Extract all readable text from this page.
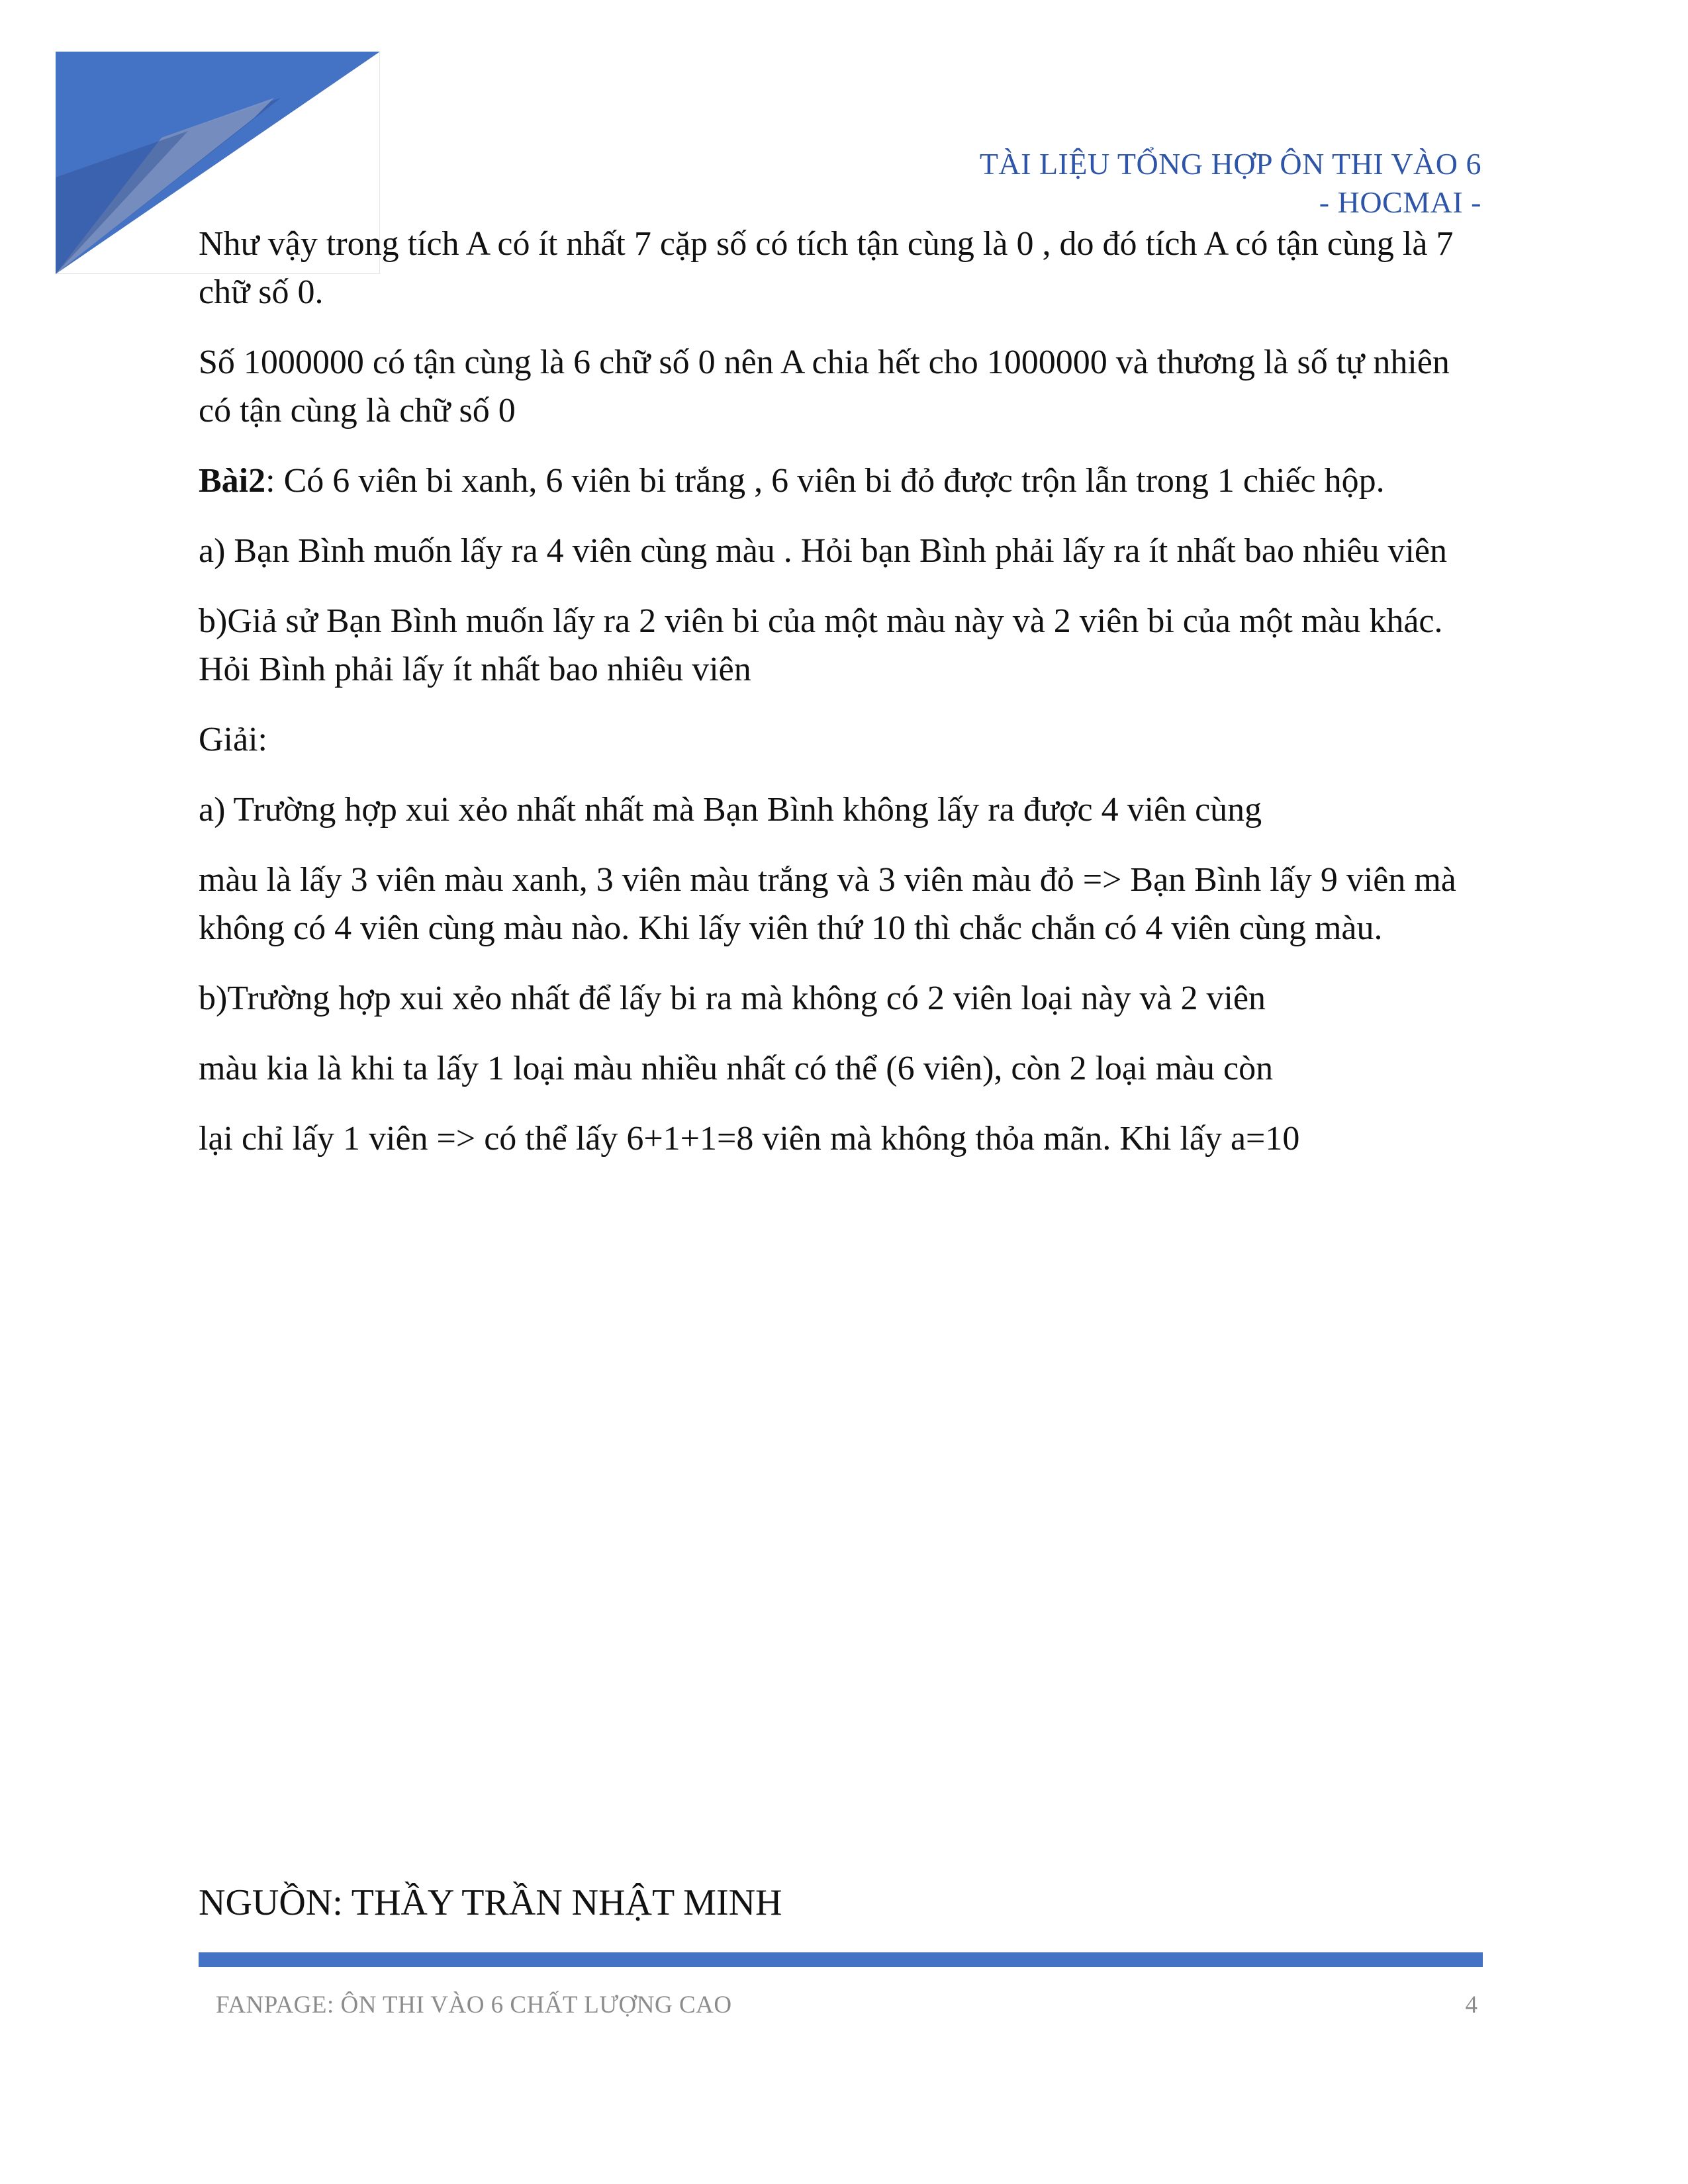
TÀI LIỆU TỔNG HỢP ÔN THI VÀO 6
- HOCMAI -

Như vậy trong tích A có ít nhất 7 cặp số có tích tận cùng là 0 , do đó tích A có tận cùng là 7 chữ số 0.

Số 1000000 có tận cùng là 6 chữ số 0 nên A chia hết cho 1000000 và thương là số tự nhiên có tận cùng là chữ số 0

Bài2: Có 6 viên bi xanh, 6 viên bi trắng , 6 viên bi đỏ được trộn lẫn trong 1 chiếc hộp.

a) Bạn Bình muốn lấy ra 4 viên cùng màu . Hỏi bạn Bình phải lấy ra ít nhất bao nhiêu viên

b)Giả sử Bạn Bình muốn lấy ra 2 viên bi của một màu này và 2 viên bi của một màu khác. Hỏi Bình phải lấy ít nhất bao nhiêu viên

Giải:

a) Trường hợp xui xẻo nhất nhất mà Bạn Bình không lấy ra được 4 viên cùng

màu là lấy 3 viên màu xanh, 3 viên màu trắng và 3 viên màu đỏ => Bạn Bình lấy 9 viên mà không có 4 viên cùng màu nào. Khi lấy viên thứ 10 thì chắc chắn có 4 viên cùng màu.

b)Trường hợp xui xẻo nhất để lấy bi ra mà không có 2 viên loại này và 2 viên

màu kia là khi ta lấy 1 loại màu nhiều nhất có thể (6 viên), còn 2 loại màu còn

lại chỉ lấy 1 viên => có thể lấy 6+1+1=8 viên mà không thỏa mãn. Khi lấy a=10

NGUỒN: THẦY TRẦN NHẬT MINH
FANPAGE: ÔN THI VÀO 6 CHẤT LƯỢNG CAO	4
